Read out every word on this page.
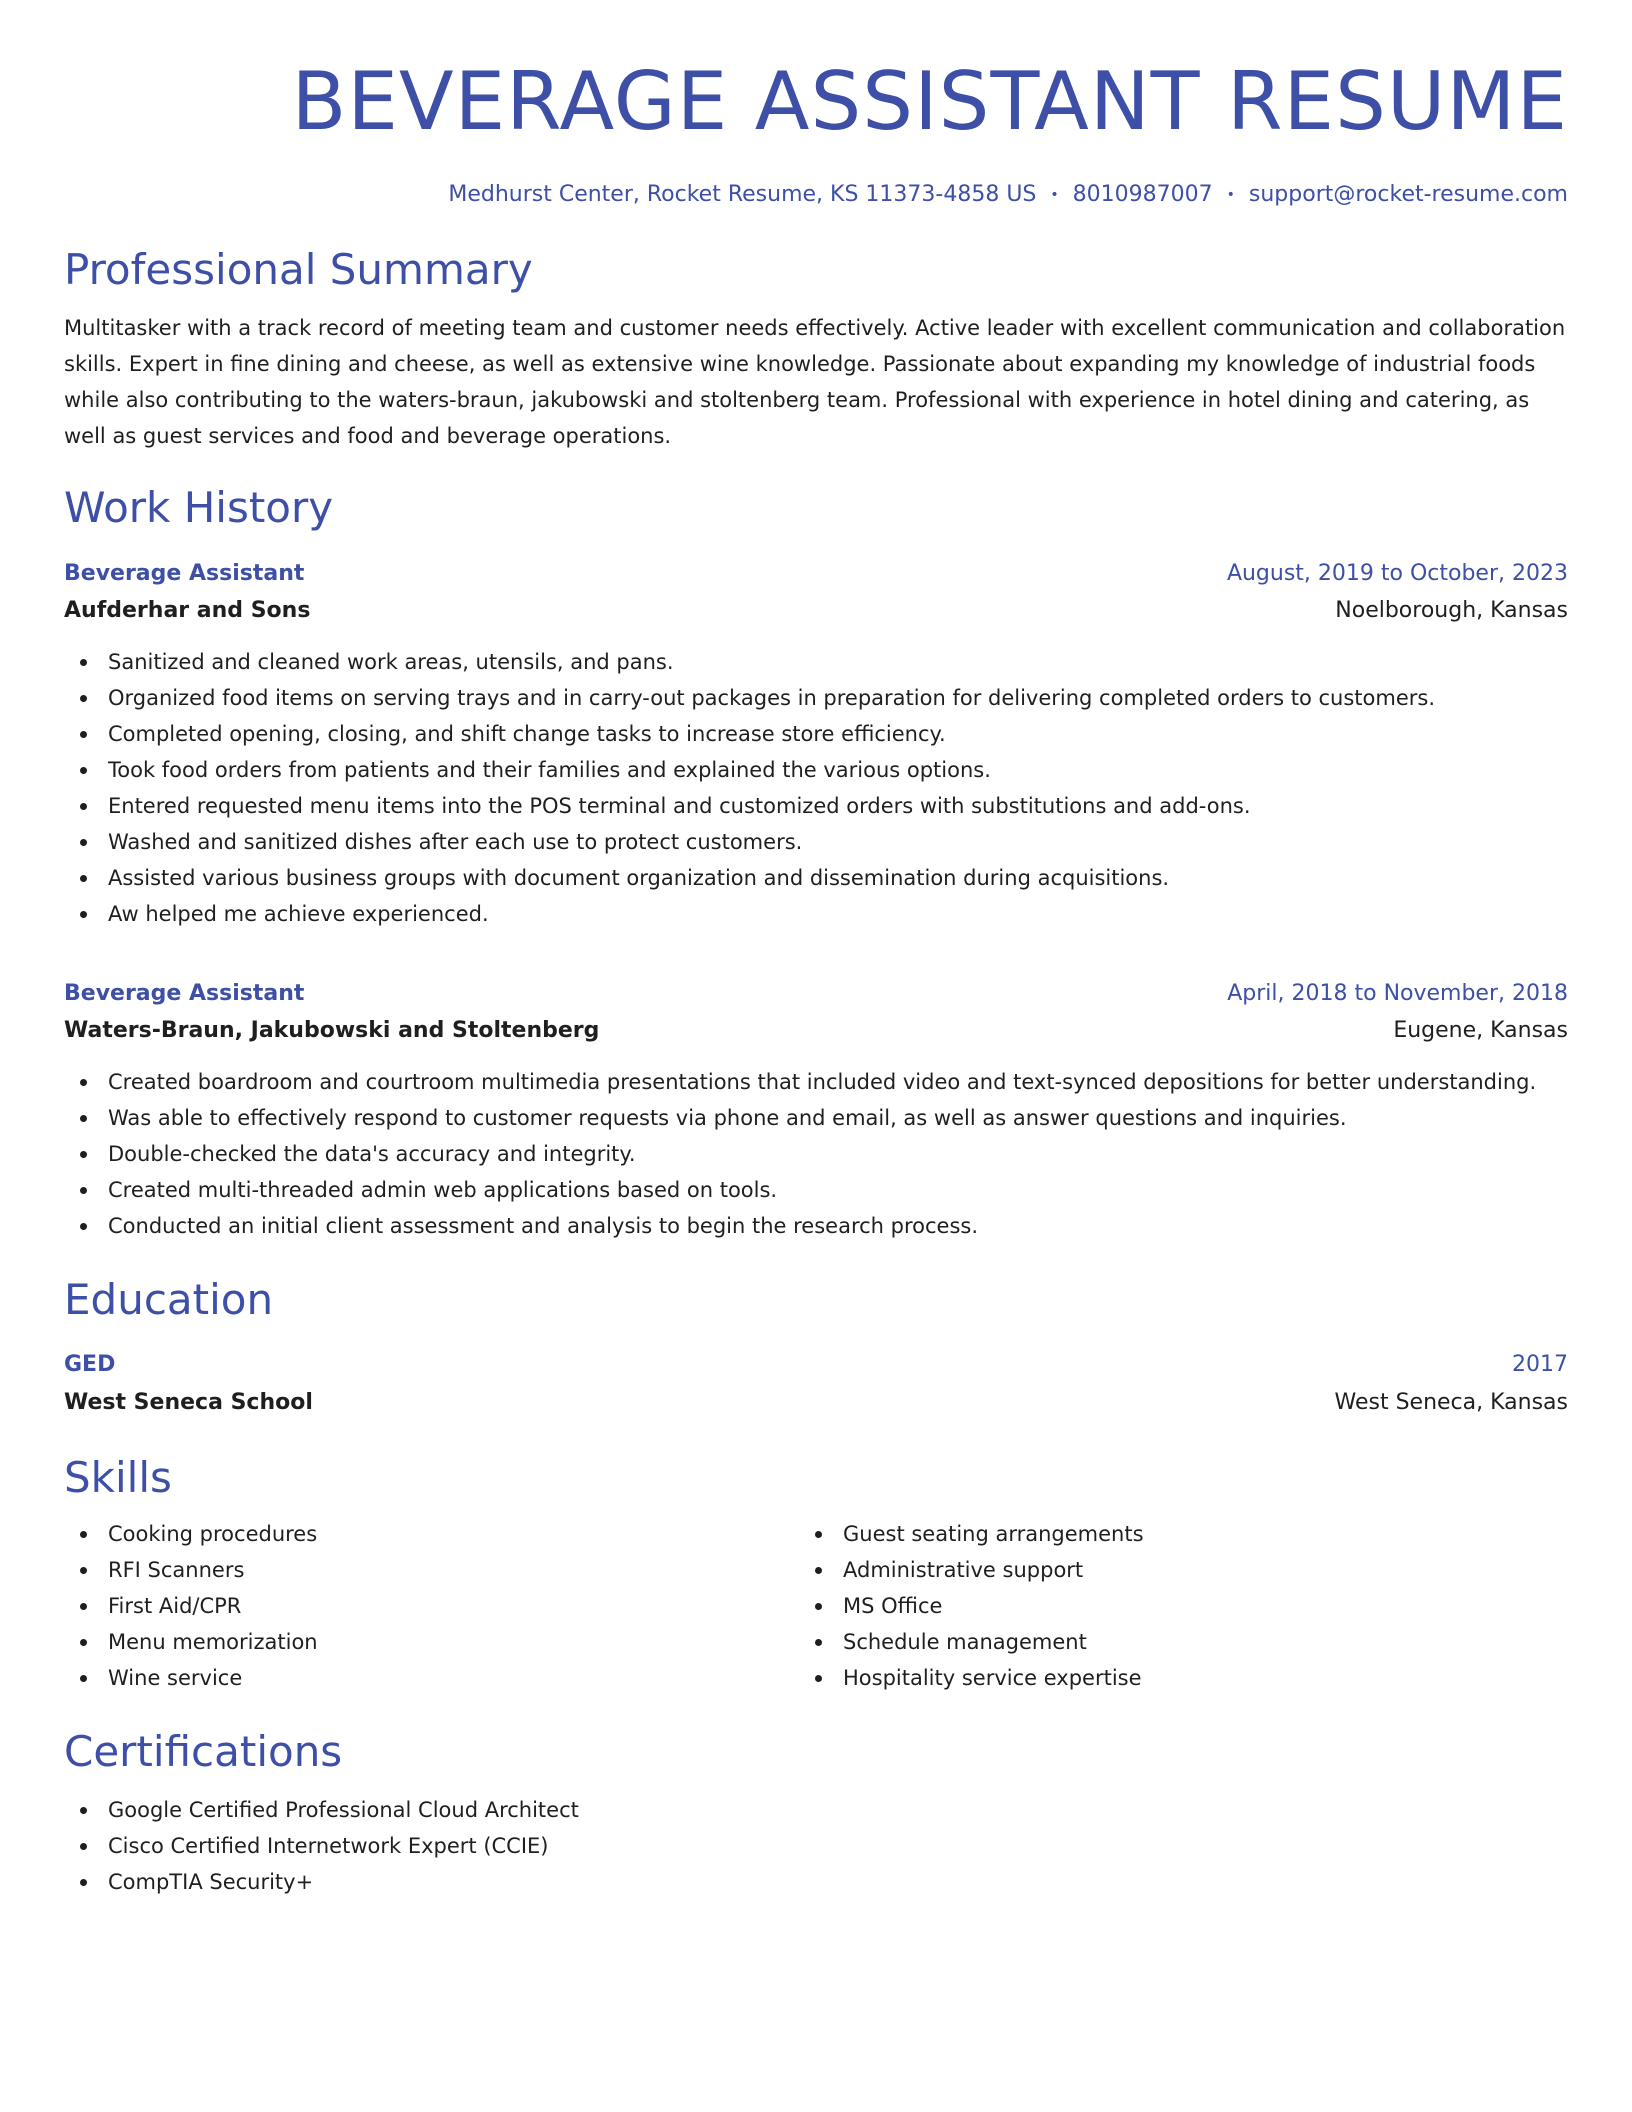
BEVERAGE ASSISTANT RESUME
Medhurst Center, Rocket Resume, KS 11373-4858 US • 8010987007 • support@rocket-resume.com
Professional Summary
Multitasker with a track record of meeting team and customer needs effectively. Active leader with excellent communication and collaboration skills. Expert in fine dining and cheese, as well as extensive wine knowledge. Passionate about expanding my knowledge of industrial foods while also contributing to the waters-braun, jakubowski and stoltenberg team. Professional with experience in hotel dining and catering, as well as guest services and food and beverage operations.
Work History
Beverage Assistant	August, 2019 to October, 2023
Aufderhar and Sons	Noelborough, Kansas
Sanitized and cleaned work areas, utensils, and pans.
Organized food items on serving trays and in carry-out packages in preparation for delivering completed orders to customers.
Completed opening, closing, and shift change tasks to increase store efficiency.
Took food orders from patients and their families and explained the various options.
Entered requested menu items into the POS terminal and customized orders with substitutions and add-ons.
Washed and sanitized dishes after each use to protect customers.
Assisted various business groups with document organization and dissemination during acquisitions.
Aw helped me achieve experienced.
Beverage Assistant	April, 2018 to November, 2018
Waters-Braun, Jakubowski and Stoltenberg	Eugene, Kansas
Created boardroom and courtroom multimedia presentations that included video and text-synced depositions for better understanding.
Was able to effectively respond to customer requests via phone and email, as well as answer questions and inquiries.
Double-checked the data's accuracy and integrity.
Created multi-threaded admin web applications based on tools.
Conducted an initial client assessment and analysis to begin the research process.
Education
GED	2017
West Seneca School	West Seneca, Kansas
Skills
Cooking procedures
RFI Scanners
First Aid/CPR
Menu memorization
Wine service
Guest seating arrangements
Administrative support
MS Office
Schedule management
Hospitality service expertise
Certifications
Google Certified Professional Cloud Architect
Cisco Certified Internetwork Expert (CCIE)
CompTIA Security+
